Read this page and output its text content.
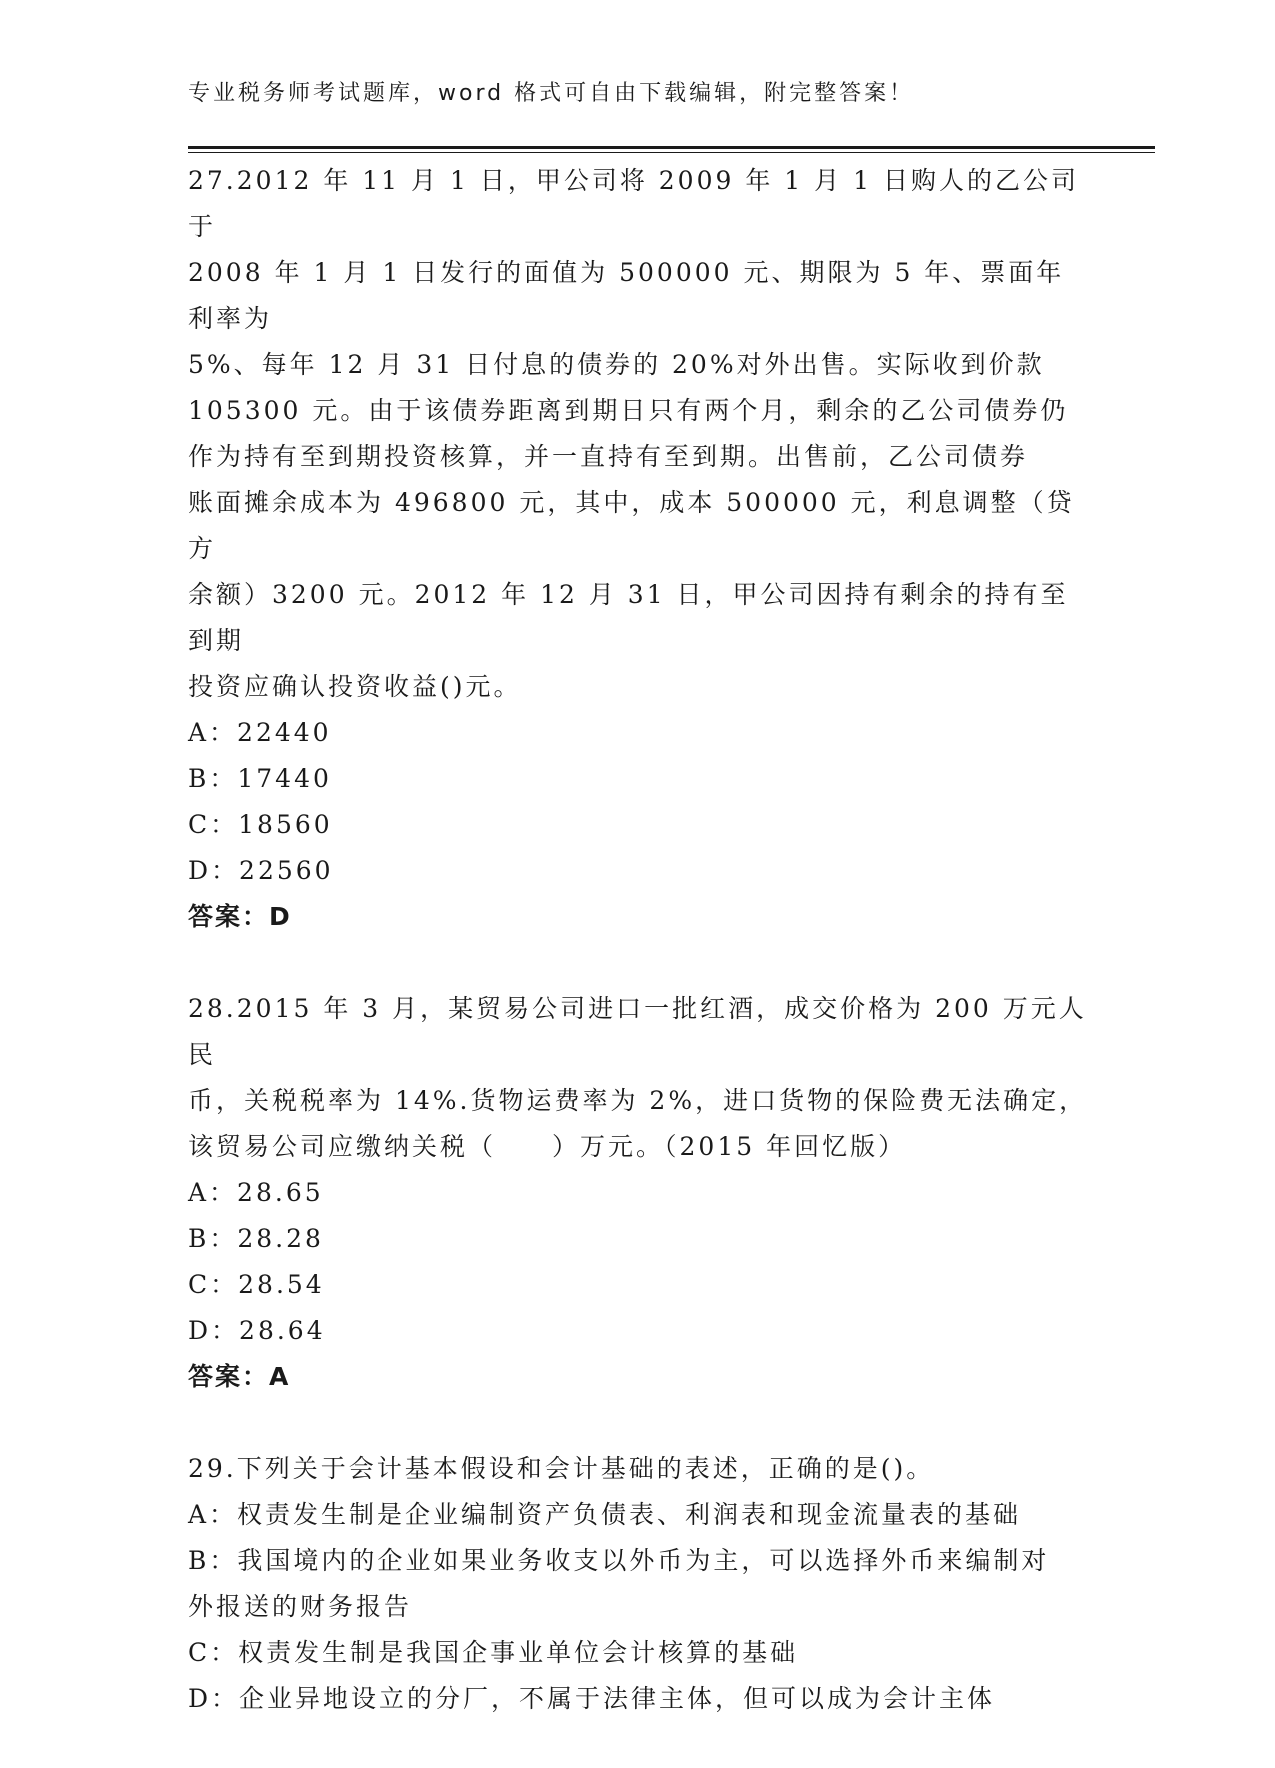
专业税务师考试题库，word 格式可自由下载编辑，附完整答案！

27.2012 年 11 月 1 日，甲公司将 2009 年 1 月 1 日购人的乙公司于

2008 年 1 月 1 日发行的面值为 500000 元、期限为 5 年、票面年利率为

5%、每年 12 月 31 日付息的债券的 20%对外出售。实际收到价款

105300 元。由于该债券距离到期日只有两个月，剩余的乙公司债券仍

作为持有至到期投资核算，并一直持有至到期。出售前，乙公司债券

账面摊余成本为 496800 元，其中，成本 500000 元，利息调整（贷方

余额）3200 元。2012 年 12 月 31 日，甲公司因持有剩余的持有至到期

投资应确认投资收益()元。

A：22440

B：17440

C：18560

D：22560

答案：D

28.2015 年 3 月，某贸易公司进口一批红酒，成交价格为 200 万元人民

币，关税税率为 14%.货物运费率为 2%，进口货物的保险费无法确定，

该贸易公司应缴纳关税（　　）万元。（2015 年回忆版）

A：28.65

B：28.28

C：28.54

D：28.64

答案：A

29.下列关于会计基本假设和会计基础的表述，正确的是()。

A：权责发生制是企业编制资产负债表、利润表和现金流量表的基础

B：我国境内的企业如果业务收支以外币为主，可以选择外币来编制对

外报送的财务报告

C：权责发生制是我国企事业单位会计核算的基础

D：企业异地设立的分厂，不属于法律主体，但可以成为会计主体
